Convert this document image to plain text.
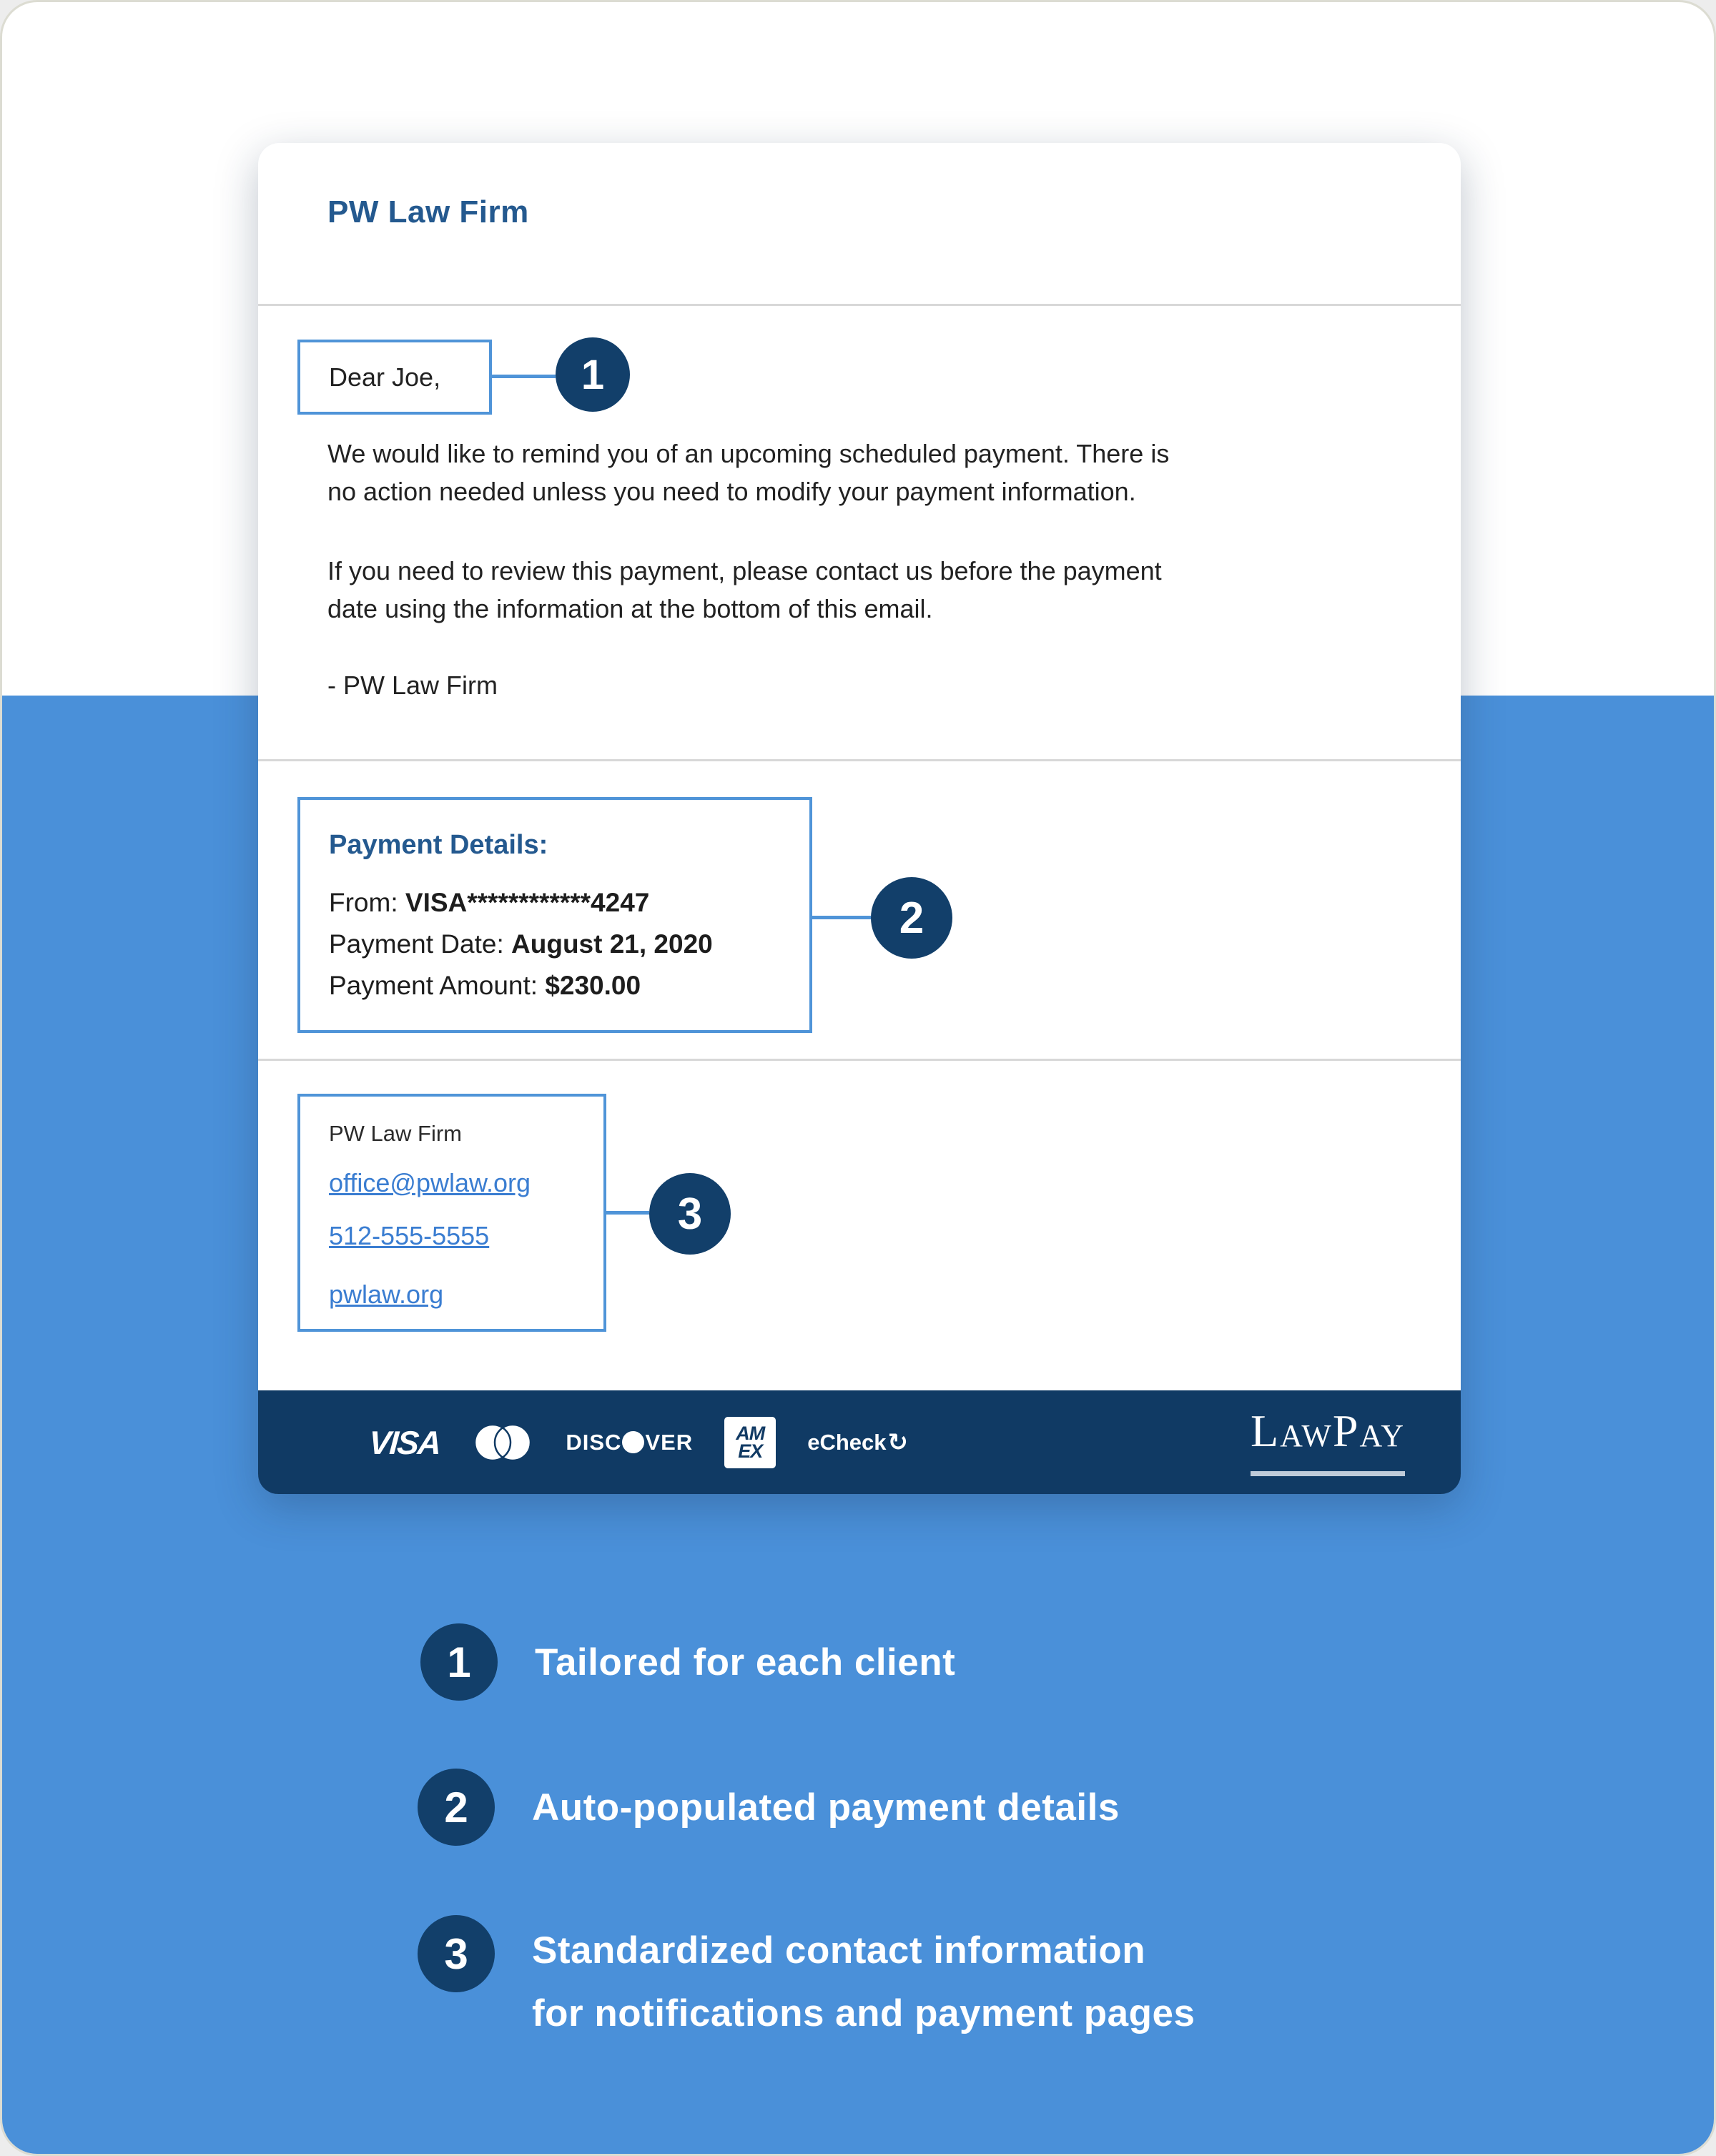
PW Law Firm
Dear Joe,	1

We would like to remind you of an upcoming scheduled payment. There is
no action needed unless you need to modify your payment information.

If you need to review this payment, please contact us before the payment
date using the information at the bottom of this email.

- PW Law Firm

Payment Details:
From: VISA************4247
Payment Date: August 21, 2020
Payment Amount: $230.00
2
PW Law Firm
office@pwlaw.org
512-555-5555
pwlaw.org
3
VISA	DISC VER AM
EX eCheck ↻	LAWPAY
1 Tailored for each client
2 Auto-populated payment details
3 Standardized contact information
for notifications and payment pages
